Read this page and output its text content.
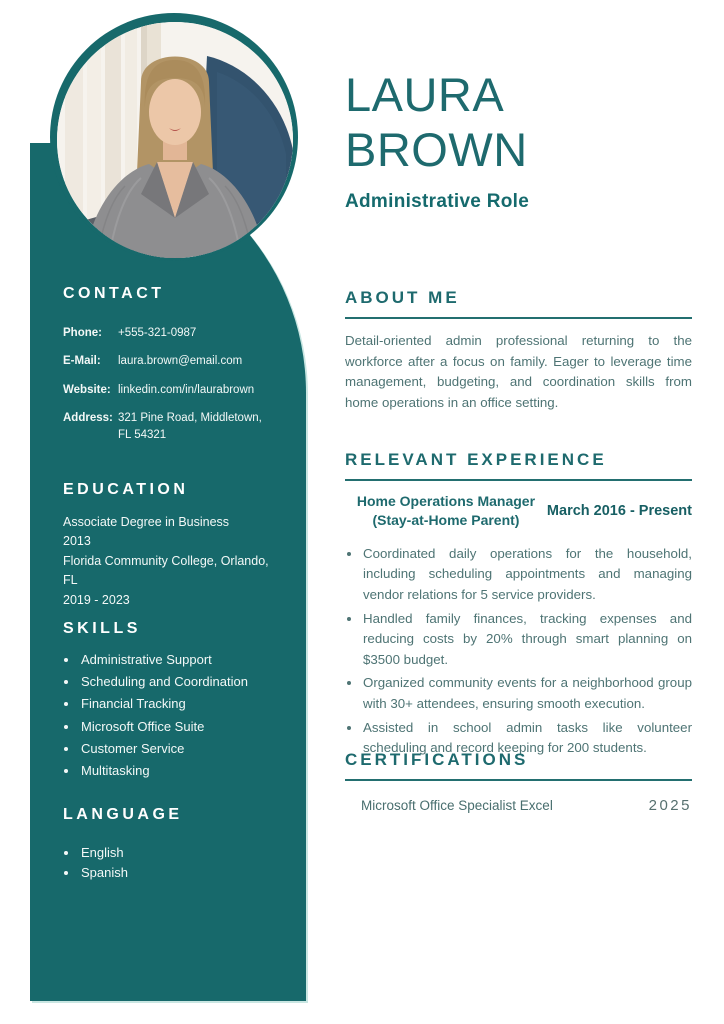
CONTACT
Phone:	+555-321-0987
E-Mail:	laura.brown@email.com
Website: linkedin.com/in/laurabrown
Address: 321 Pine Road, Middletown, FL 54321
EDUCATION
Associate Degree in Business
2013
Florida Community College, Orlando, FL
2019 - 2023
SKILLS
• Administrative Support
• Scheduling and Coordination
• Financial Tracking
• Microsoft Office Suite
• Customer Service
• Multitasking
LANGUAGE
• English
• Spanish
LAURA
BROWN
Administrative Role
ABOUT ME

Detail-oriented admin professional returning to the workforce after a focus on family. Eager to leverage time management, budgeting, and coordination skills from home operations in an office setting.

RELEVANT EXPERIENCE
Home Operations Manager (Stay-at-Home Parent)
March 2016 - Present
• Coordinated daily operations for the household, including scheduling appointments and managing vendor relations for 5 service providers.
• Handled family finances, tracking expenses and reducing costs by 20% through smart planning on $3500 budget.
• Organized community events for a neighborhood group with 30+ attendees, ensuring smooth execution.
• Assisted in school admin tasks like volunteer scheduling and record keeping for 200 students.
CERTIFICATIONS
Microsoft Office Specialist Excel	2025
